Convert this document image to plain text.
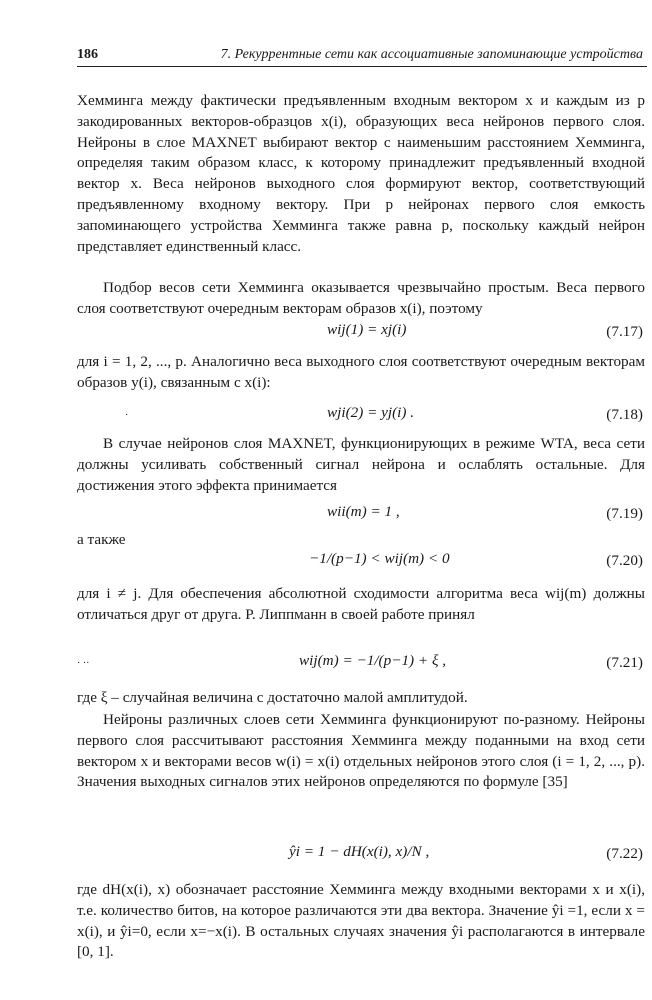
186	7. Рекуррентные сети как ассоциативные запоминающие устройства

Хемминга между фактически предъявленным входным вектором x и каждым из p закодированных векторов-образцов x(i), образующих веса нейронов первого слоя. Нейроны в слое MAXNET выбирают вектор с наименьшим расстоянием Хемминга, определяя таким образом класс, к которому принадлежит предъявленный входной вектор x. Веса нейронов выходного слоя формируют вектор, соответствующий предъявленному входному вектору. При p нейронах первого слоя емкость запоминающего устройства Хемминга также равна p, поскольку каждый нейрон представляет единственный класс.

Подбор весов сети Хемминга оказывается чрезвычайно простым. Веса первого слоя соответствуют очередным векторам образов x(i), поэтому

wij(1) = xj(i)	(7.17)

для i = 1, 2, ..., p. Аналогично веса выходного слоя соответствуют очередным векторам образов y(i), связанным с x(i):

·	wji(2) = yj(i) .	(7.18)

В случае нейронов слоя MAXNET, функционирующих в режиме WTA, веса сети должны усиливать собственный сигнал нейрона и ослаблять остальные. Для достижения этого эффекта принимается

wii(m) = 1 ,	(7.19)

а также

−1/(p−1) < wij(m) < 0	(7.20)

для i ≠ j. Для обеспечения абсолютной сходимости алгоритма веса wij(m) должны отличаться друг от друга. Р. Липпманн в своей работе принял

· ··	wij(m) = −1/(p−1) + ξ ,	(7.21)

где ξ – случайная величина с достаточно малой амплитудой.

Нейроны различных слоев сети Хемминга функционируют по-разному. Нейроны первого слоя рассчитывают расстояния Хемминга между поданными на вход сети вектором x и векторами весов w(i) = x(i) отдельных нейронов этого слоя (i = 1, 2, ..., p). Значения выходных сигналов этих нейронов определяются по формуле [35]

ŷi = 1 − dH(x(i), x)/N ,	(7.22)

где dH(x(i), x) обозначает расстояние Хемминга между входными векторами x и x(i), т.е. количество битов, на которое различаются эти два вектора. Значение ŷi =1, если x = x(i), и ŷi=0, если x=−x(i). В остальных случаях значения ŷi располагаются в интервале [0, 1].
